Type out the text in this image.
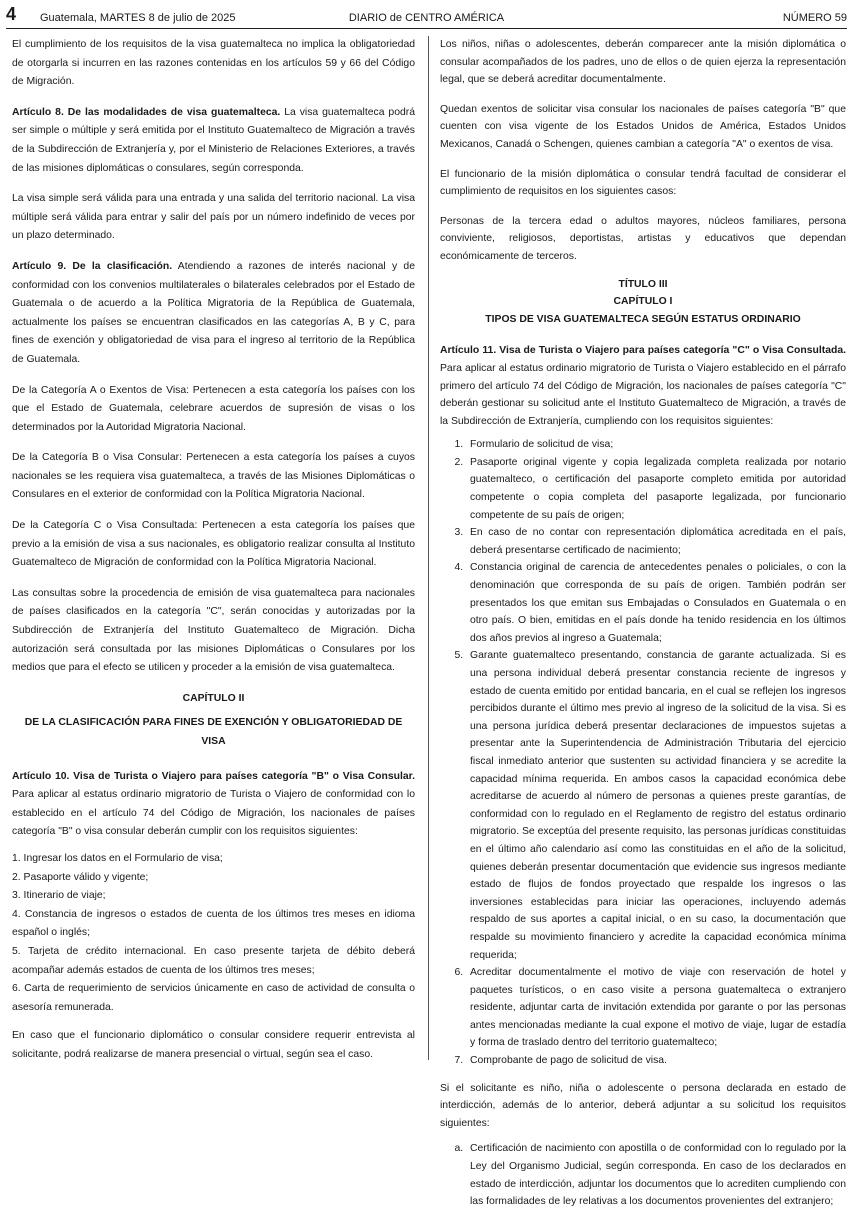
4 Guatemala, MARTES 8 de julio de 2025	DIARIO de CENTRO AMÉRICA	NÚMERO 59

El cumplimiento de los requisitos de la visa guatemalteca no implica la obligatoriedad de otorgarla si incurren en las razones contenidas en los artículos 59 y 66 del Código de Migración.

Artículo 8. De las modalidades de visa guatemalteca. La visa guatemalteca podrá ser simple o múltiple y será emitida por el Instituto Guatemalteco de Migración a través de la Subdirección de Extranjería y, por el Ministerio de Relaciones Exteriores, a través de las misiones diplomáticas o consulares, según corresponda.

La visa simple será válida para una entrada y una salida del territorio nacional. La visa múltiple será válida para entrar y salir del país por un número indefinido de veces por un plazo determinado.

Artículo 9. De la clasificación. Atendiendo a razones de interés nacional y de conformidad con los convenios multilaterales o bilaterales celebrados por el Estado de Guatemala o de acuerdo a la Política Migratoria de la República de Guatemala, actualmente los países se encuentran clasificados en las categorías A, B y C, para fines de exención y obligatoriedad de visa para el ingreso al territorio de la República de Guatemala.

De la Categoría A o Exentos de Visa: Pertenecen a esta categoría los países con los que el Estado de Guatemala, celebrare acuerdos de supresión de visas o los determinados por la Autoridad Migratoria Nacional.

De la Categoría B o Visa Consular: Pertenecen a esta categoría los países a cuyos nacionales se les requiera visa guatemalteca, a través de las Misiones Diplomáticas o Consulares en el exterior de conformidad con la Política Migratoria Nacional.

De la Categoría C o Visa Consultada: Pertenecen a esta categoría los países que previo a la emisión de visa a sus nacionales, es obligatorio realizar consulta al Instituto Guatemalteco de Migración de conformidad con la Política Migratoria Nacional.

Las consultas sobre la procedencia de emisión de visa guatemalteca para nacionales de países clasificados en la categoría "C", serán conocidas y autorizadas por la Subdirección de Extranjería del Instituto Guatemalteco de Migración. Dicha autorización será consultada por las misiones Diplomáticas o Consulares por los medios que para el efecto se utilicen y proceder a la emisión de visa guatemalteca.

CAPÍTULO II

DE LA CLASIFICACIÓN PARA FINES DE EXENCIÓN Y OBLIGATORIEDAD DE VISA

Artículo 10. Visa de Turista o Viajero para países categoría "B" o Visa Consular. Para aplicar al estatus ordinario migratorio de Turista o Viajero de conformidad con lo establecido en el artículo 74 del Código de Migración, los nacionales de países categoría "B" o visa consular deberán cumplir con los requisitos siguientes:

1. Ingresar los datos en el Formulario de visa;
2. Pasaporte válido y vigente;
3. Itinerario de viaje;
4. Constancia de ingresos o estados de cuenta de los últimos tres meses en idioma español o inglés;
5. Tarjeta de crédito internacional. En caso presente tarjeta de débito deberá acompañar además estados de cuenta de los últimos tres meses;
6. Carta de requerimiento de servicios únicamente en caso de actividad de consulta o asesoría remunerada.

En caso que el funcionario diplomático o consular considere requerir entrevista al solicitante, podrá realizarse de manera presencial o virtual, según sea el caso.

Los niños, niñas o adolescentes, deberán comparecer ante la misión diplomática o consular acompañados de los padres, uno de ellos o de quien ejerza la representación legal, que se deberá acreditar documentalmente.

Quedan exentos de solicitar visa consular los nacionales de países categoría "B" que cuenten con visa vigente de los Estados Unidos de América, Estados Unidos Mexicanos, Canadá o Schengen, quienes cambian a categoría "A" o exentos de visa.

El funcionario de la misión diplomática o consular tendrá facultad de considerar el cumplimiento de requisitos en los siguientes casos:

Personas de la tercera edad o adultos mayores, núcleos familiares, persona conviviente, religiosos, deportistas, artistas y educativos que dependan económicamente de terceros.

TÍTULO III

CAPÍTULO I

TIPOS DE VISA GUATEMALTECA SEGÚN ESTATUS ORDINARIO

Artículo 11. Visa de Turista o Viajero para países categoría "C" o Visa Consultada. Para aplicar al estatus ordinario migratorio de Turista o Viajero establecido en el párrafo primero del artículo 74 del Código de Migración, los nacionales de países categoría "C" deberán gestionar su solicitud ante el Instituto Guatemalteco de Migración, a través de la Subdirección de Extranjería, cumpliendo con los requisitos siguientes:

1. Formulario de solicitud de visa;
2. Pasaporte original vigente y copia legalizada completa realizada por notario guatemalteco, o certificación del pasaporte completo emitida por autoridad competente o copia completa del pasaporte legalizada, por funcionario competente de su país de origen;
3. En caso de no contar con representación diplomática acreditada en el país, deberá presentarse certificado de nacimiento;
4. Constancia original de carencia de antecedentes penales o policiales, o con la denominación que corresponda de su país de origen. También podrán ser presentados los que emitan sus Embajadas o Consulados en Guatemala o en otro país. O bien, emitidas en el país donde ha tenido residencia en los últimos dos años previos al ingreso a Guatemala;
5. Garante guatemalteco presentando, constancia de garante actualizada. Si es una persona individual deberá presentar constancia reciente de ingresos y estado de cuenta emitido por entidad bancaria, en el cual se reflejen los ingresos percibidos durante el último mes previo al ingreso de la solicitud de la visa. Si es una persona jurídica deberá presentar declaraciones de impuestos sujetas a presentar ante la Superintendencia de Administración Tributaria del ejercicio fiscal inmediato anterior que sustenten su actividad financiera y se acredite la capacidad mínima requerida. En ambos casos la capacidad económica debe acreditarse de acuerdo al número de personas a quienes preste garantías, de conformidad con lo regulado en el Reglamento de registro del estatus ordinario migratorio. Se exceptúa del presente requisito, las personas jurídicas constituidas en el último año calendario así como las constituidas en el año de la solicitud, quienes deberán presentar documentación que evidencie sus ingresos mediante estado de flujos de fondos proyectado que respalde los ingresos o las inversiones establecidas para iniciar las operaciones, incluyendo además respaldo de sus aportes a capital inicial, o en su caso, la documentación que respalde su movimiento financiero y acredite la capacidad económica mínima requerida;
6. Acreditar documentalmente el motivo de viaje con reservación de hotel y paquetes turísticos, o en caso visite a persona guatemalteca o extranjero residente, adjuntar carta de invitación extendida por garante o por las personas antes mencionadas mediante la cual expone el motivo de viaje, lugar de estadía y forma de traslado dentro del territorio guatemalteco;
7. Comprobante de pago de solicitud de visa.

Si el solicitante es niño, niña o adolescente o persona declarada en estado de interdicción, además de lo anterior, deberá adjuntar a su solicitud los requisitos siguientes:

a. Certificación de nacimiento con apostilla o de conformidad con lo regulado por la Ley del Organismo Judicial, según corresponda. En caso de los declarados en estado de interdicción, adjuntar los documentos que lo acrediten cumpliendo con las formalidades de ley relativas a los documentos provenientes del extranjero;
